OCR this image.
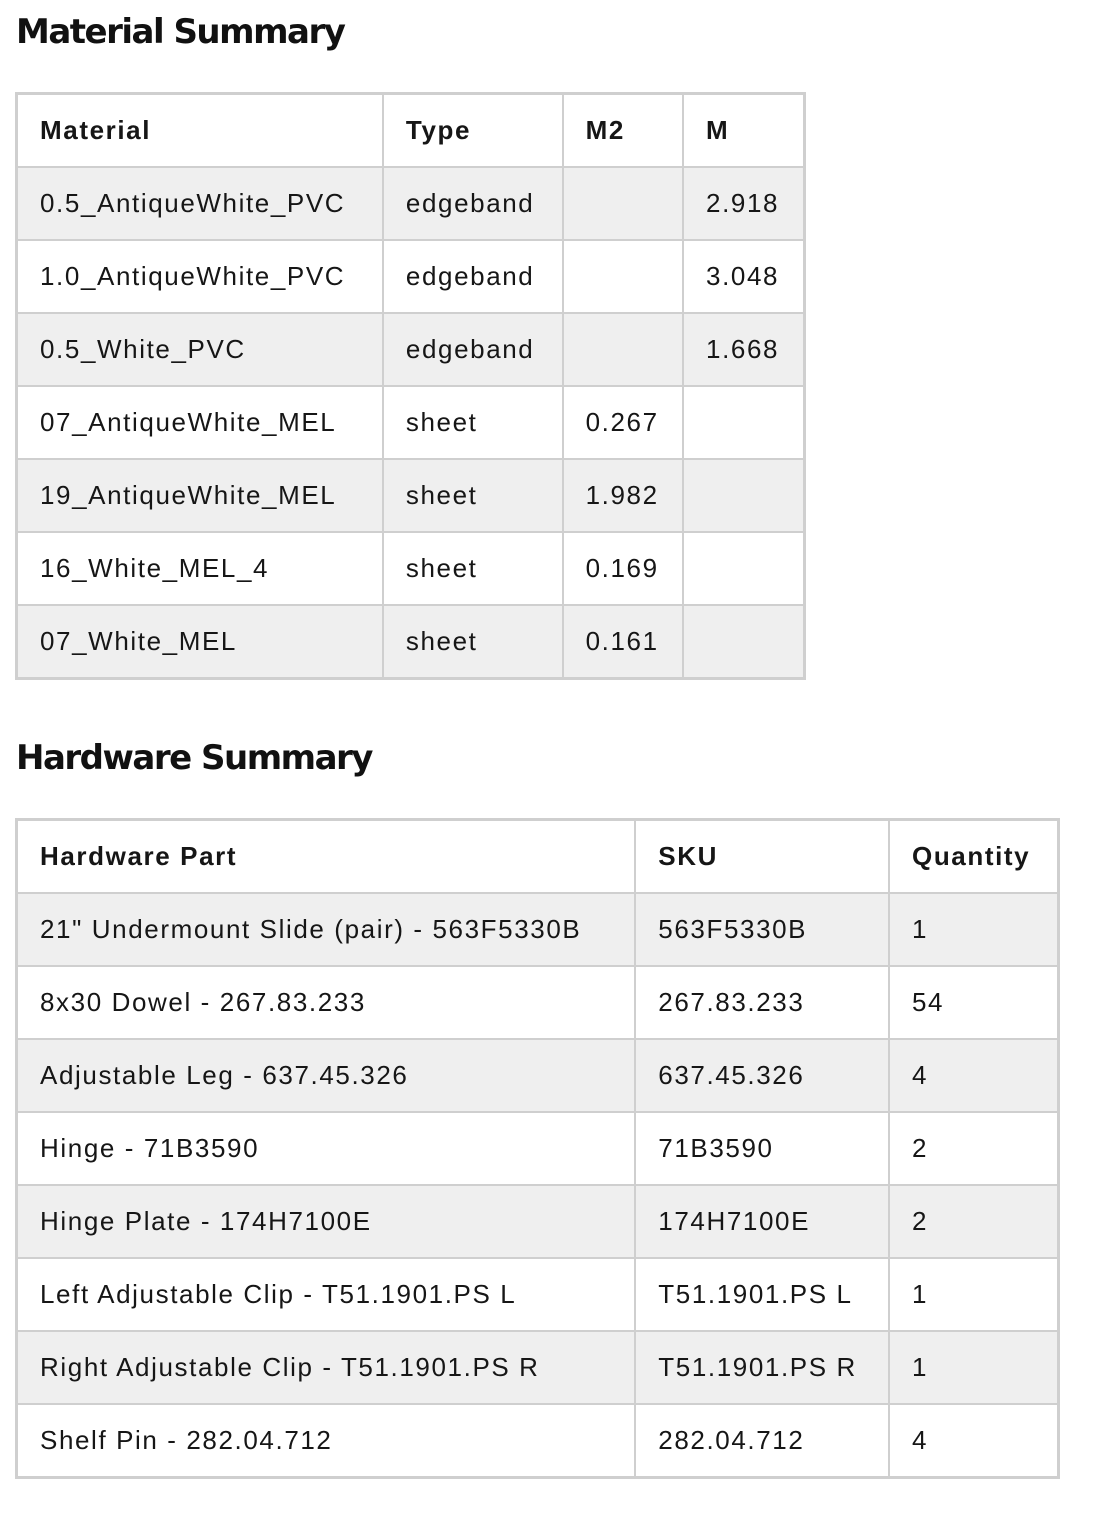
Material Summary
Material	Type	M2	M
0.5_AntiqueWhite_PVC	edgeband		2.918
1.0_AntiqueWhite_PVC	edgeband		3.048
0.5_White_PVC	edgeband		1.668
07_AntiqueWhite_MEL	sheet	0.267	
19_AntiqueWhite_MEL	sheet	1.982	
16_White_MEL_4	sheet	0.169	
07_White_MEL	sheet	0.161	
Hardware Summary
Hardware Part	SKU	Quantity
21" Undermount Slide (pair) - 563F5330B	563F5330B	1
8x30 Dowel - 267.83.233	267.83.233	54
Adjustable Leg - 637.45.326	637.45.326	4
Hinge - 71B3590	71B3590	2
Hinge Plate - 174H7100E	174H7100E	2
Left Adjustable Clip - T51.1901.PS L	T51.1901.PS L	1
Right Adjustable Clip - T51.1901.PS R	T51.1901.PS R	1
Shelf Pin - 282.04.712	282.04.712	4
